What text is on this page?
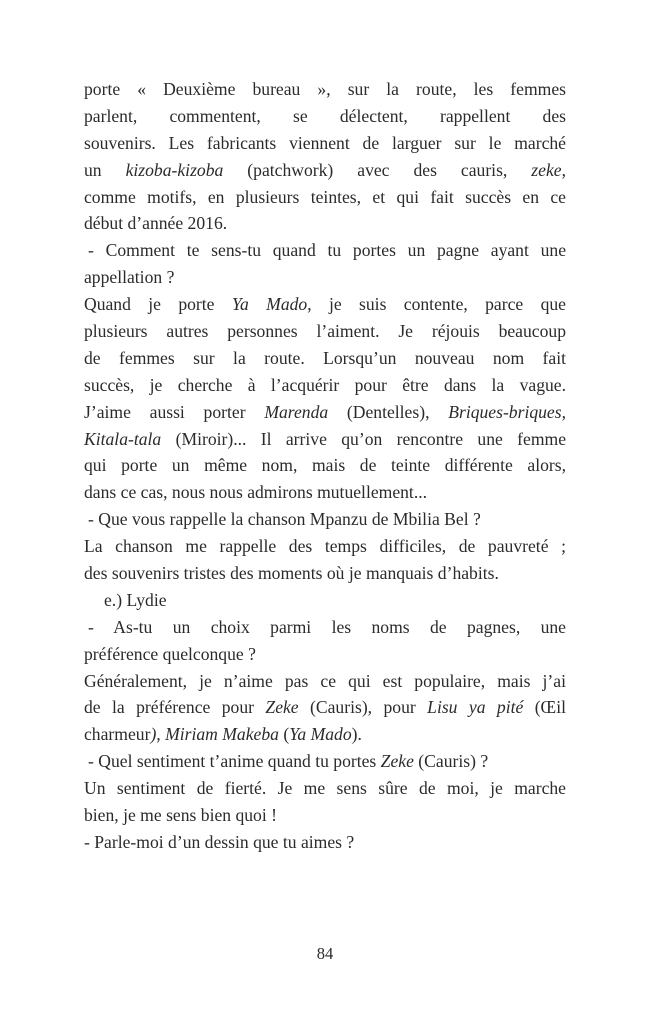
porte « Deuxième bureau », sur la route, les femmes
parlent, commentent, se délectent, rappellent des
souvenirs. Les fabricants viennent de larguer sur le marché
un kizoba-kizoba (patchwork) avec des cauris, zeke,
comme motifs, en plusieurs teintes, et qui fait succès en ce
début d’année 2016.
- Comment te sens-tu quand tu portes un pagne ayant une
appellation ?
Quand je porte Ya Mado, je suis contente, parce que
plusieurs autres personnes l’aiment. Je réjouis beaucoup
de femmes sur la route. Lorsqu’un nouveau nom fait
succès, je cherche à l’acquérir pour être dans la vague.
J’aime aussi porter Marenda (Dentelles), Briques-briques,
Kitala-tala (Miroir)... Il arrive qu’on rencontre une femme
qui porte un même nom, mais de teinte différente alors,
dans ce cas, nous nous admirons mutuellement...
- Que vous rappelle la chanson Mpanzu de Mbilia Bel ?
La chanson me rappelle des temps difficiles, de pauvreté ;
des souvenirs tristes des moments où je manquais d’habits.
e.) Lydie
- As-tu un choix parmi les noms de pagnes, une
préférence quelconque ?
Généralement, je n’aime pas ce qui est populaire, mais j’ai
de la préférence pour Zeke (Cauris), pour Lisu ya pité (Œil
charmeur), Miriam Makeba (Ya Mado).
- Quel sentiment t’anime quand tu portes Zeke (Cauris) ?
Un sentiment de fierté. Je me sens sûre de moi, je marche
bien, je me sens bien quoi !
- Parle-moi d’un dessin que tu aimes ?
84
